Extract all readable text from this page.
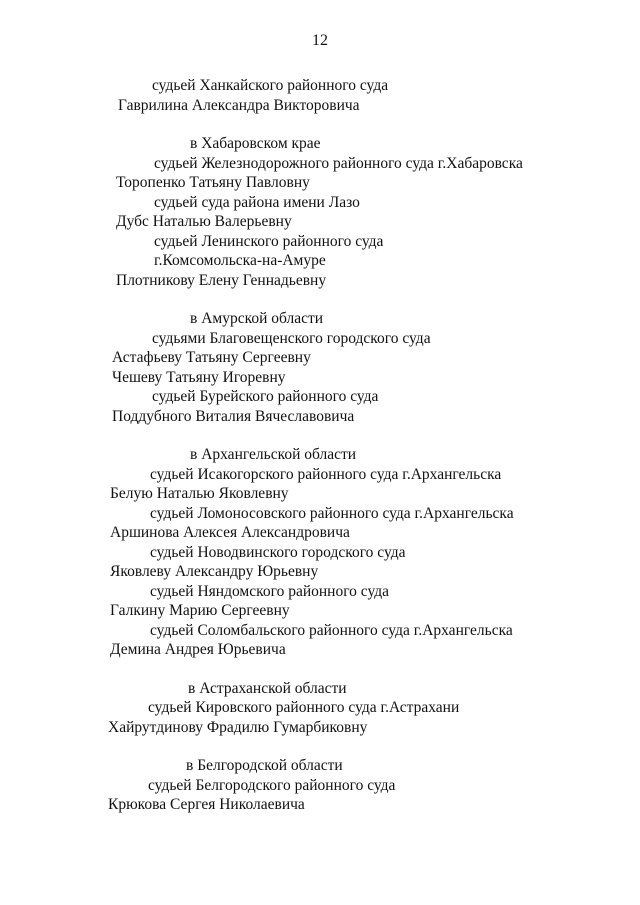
12
судьей Ханкайского районного суда
Гаврилина Александра Викторовича
в Хабаровском крае
судьей Железнодорожного районного суда г.Хабаровска
Торопенко Татьяну Павловну
судьей суда района имени Лазо
Дубс Наталью Валерьевну
судьей Ленинского районного суда
г.Комсомольска-на-Амуре
Плотникову Елену Геннадьевну
в Амурской области
судьями Благовещенского городского суда
Астафьеву Татьяну Сергеевну
Чешеву Татьяну Игоревну
судьей Бурейского районного суда
Поддубного Виталия Вячеславовича
в Архангельской области
судьей Исакогорского районного суда г.Архангельска
Белую Наталью Яковлевну
судьей Ломоносовского районного суда г.Архангельска
Аршинова Алексея Александровича
судьей Новодвинского городского суда
Яковлеву Александру Юрьевну
судьей Няндомского районного суда
Галкину Марию Сергеевну
судьей Соломбальского районного суда г.Архангельска
Демина Андрея Юрьевича
в Астраханской области
судьей Кировского районного суда г.Астрахани
Хайрутдинову Фрадилю Гумарбиковну
в Белгородской области
судьей Белгородского районного суда
Крюкова Сергея Николаевича
